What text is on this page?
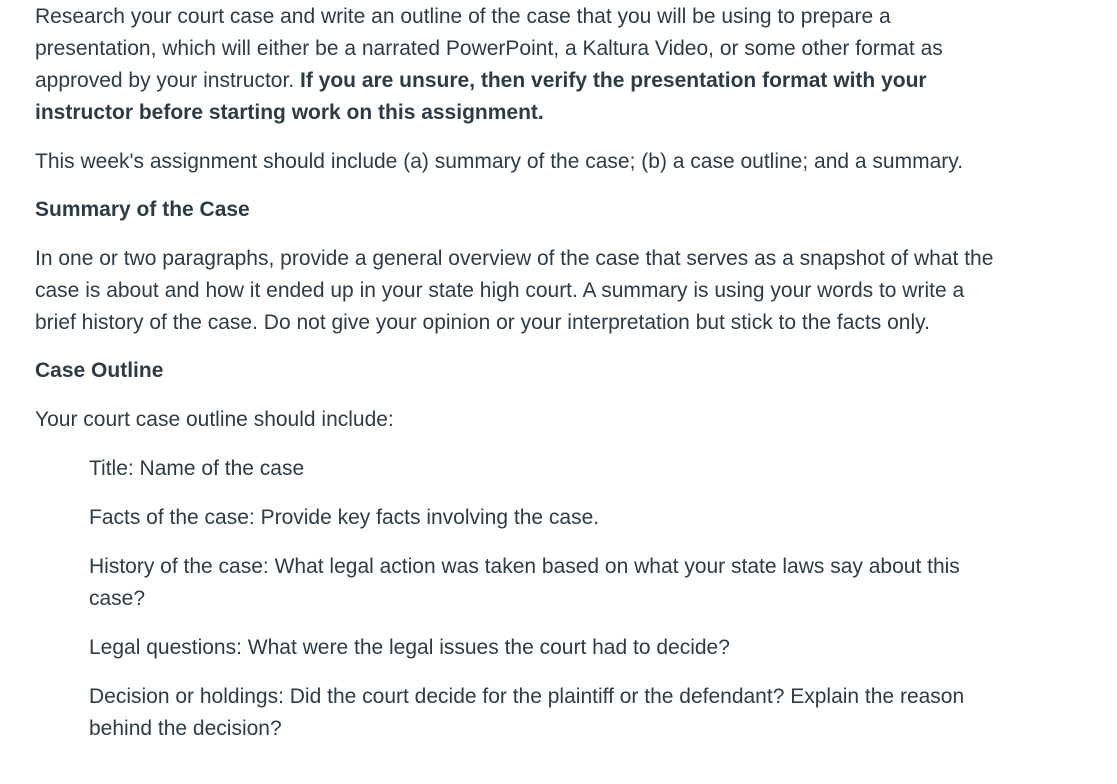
Research your court case and write an outline of the case that you will be using to prepare a presentation, which will either be a narrated PowerPoint, a Kaltura Video, or some other format as approved by your instructor. If you are unsure, then verify the presentation format with your instructor before starting work on this assignment.

This week's assignment should include (a) summary of the case; (b) a case outline; and a summary.

Summary of the Case

In one or two paragraphs, provide a general overview of the case that serves as a snapshot of what the case is about and how it ended up in your state high court. A summary is using your words to write a brief history of the case. Do not give your opinion or your interpretation but stick to the facts only.

Case Outline

Your court case outline should include:

Title: Name of the case

Facts of the case: Provide key facts involving the case.

History of the case: What legal action was taken based on what your state laws say about this case?

Legal questions: What were the legal issues the court had to decide?

Decision or holdings: Did the court decide for the plaintiff or the defendant? Explain the reason behind the decision?
